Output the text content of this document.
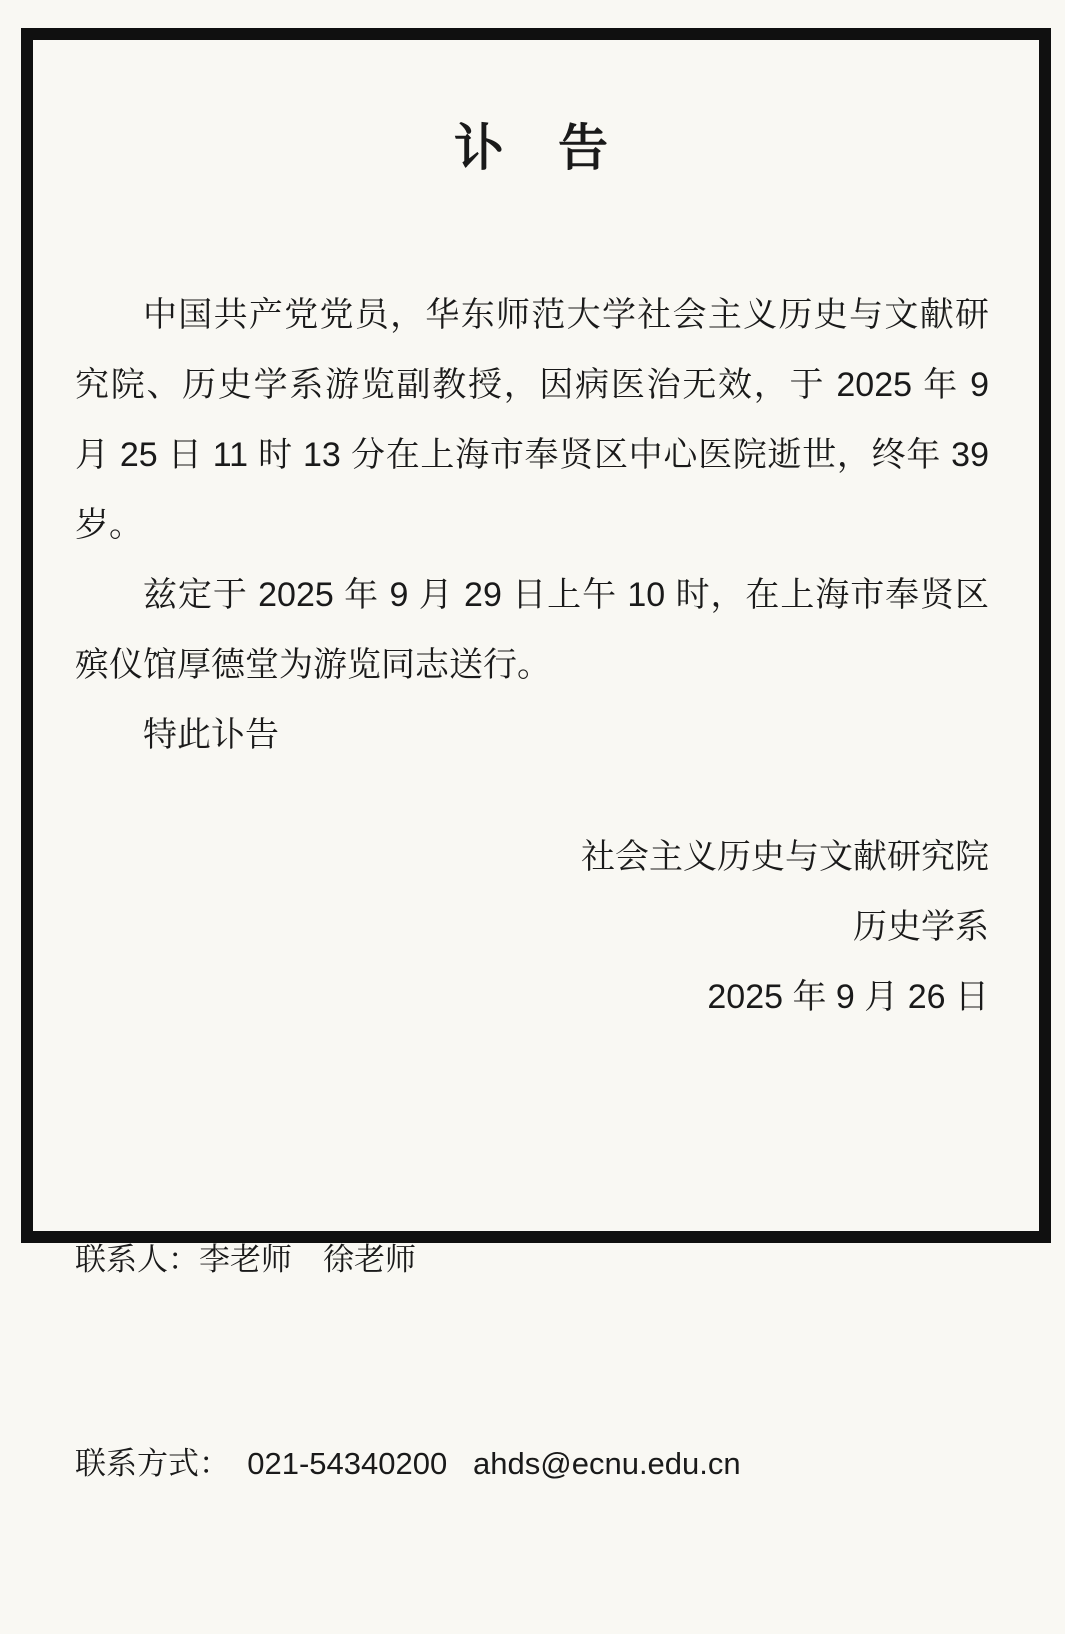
讣　告
中国共产党党员，华东师范大学社会主义历史与文献研
究院、历史学系游览副教授，因病医治无效，于 2025 年 9
月 25 日 11 时 13 分在上海市奉贤区中心医院逝世，终年 39
岁。
兹定于 2025 年 9 月 29 日上午 10 时，在上海市奉贤区
殡仪馆厚德堂为游览同志送行。
特此讣告
社会主义历史与文献研究院
历史学系
2025 年 9 月 26 日

联系人：李老师　徐老师

联系方式：  021-54340200   ahds@ecnu.edu.cn
